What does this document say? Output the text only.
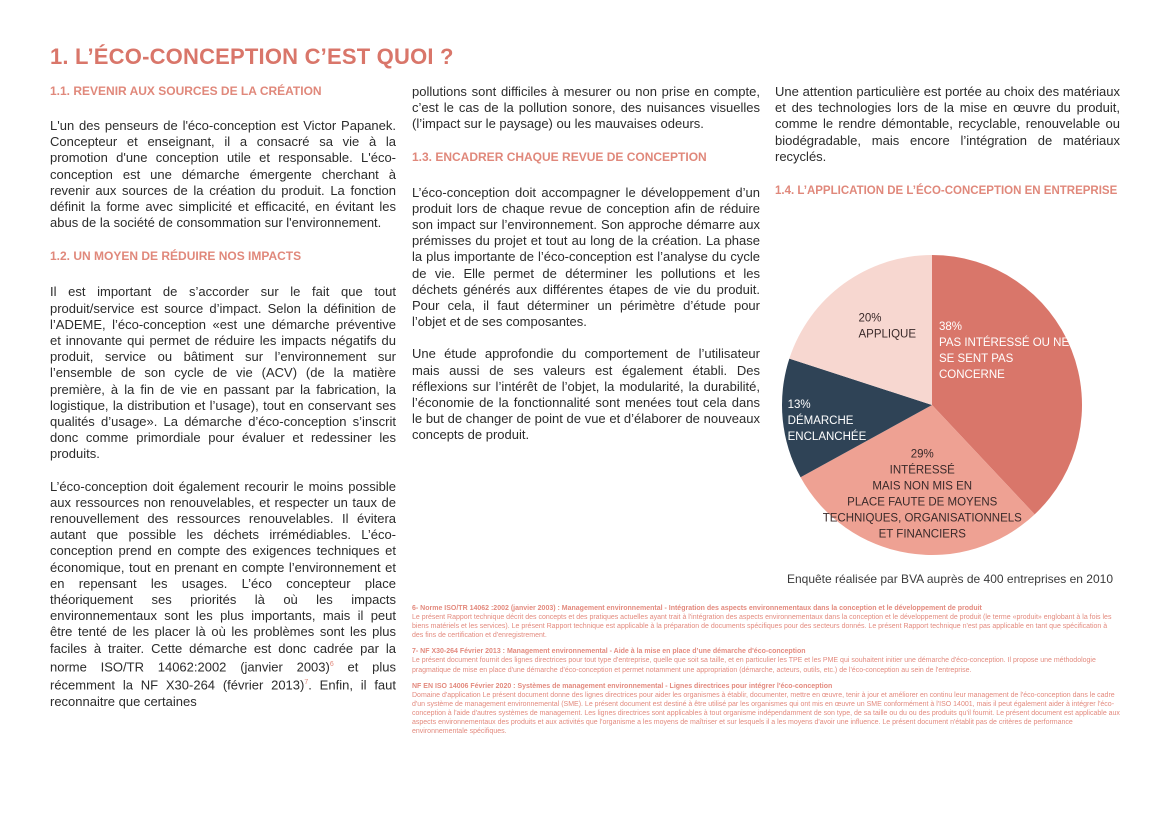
1. L’ÉCO-CONCEPTION C’EST QUOI ?
1.1. REVENIR AUX SOURCES DE LA CRÉATION

L'un des penseurs de l'éco-conception est Victor Papanek. Concepteur et enseignant, il a consacré sa vie à la promotion d'une conception utile et responsable. L'éco-conception est une démarche émergente cherchant à revenir aux sources de la création du produit. La fonction définit la forme avec simplicité et efficacité, en évitant les abus de la société de consommation sur l'environnement.

1.2. UN MOYEN DE RÉDUIRE NOS IMPACTS

Il est important de s’accorder sur le fait que tout produit/service est source d’impact. Selon la définition de l’ADEME, l’éco-conception «est une démarche préventive et innovante qui permet de réduire les impacts négatifs du produit, service ou bâtiment sur l’environnement sur l’ensemble de son cycle de vie (ACV) (de la matière première, à la fin de vie en passant par la fabrication, la logistique, la distribution et l’usage), tout en conservant ses qualités d’usage». La démarche d’éco-conception s’inscrit donc comme primordiale pour évaluer et redessiner les produits.

L’éco-conception doit également recourir le moins possible aux ressources non renouvelables, et respecter un taux de renouvellement des ressources renouvelables. Il évitera autant que possible les déchets irrémédiables. L’éco-conception prend en compte des exigences techniques et économique, tout en prenant en compte l’environnement et en repensant les usages. L’éco concepteur place théoriquement ses priorités là où les impacts environnementaux sont les plus importants, mais il peut être tenté de les placer là où les problèmes sont les plus faciles à traiter. Cette démarche est donc cadrée par la norme ISO/TR 14062:2002 (janvier 2003)$^6$ et plus récemment la NF X30-264 (février 2013)$^7$. Enfin, il faut reconnaitre que certaines

pollutions sont difficiles à mesurer ou non prise en compte, c’est le cas de la pollution sonore, des nuisances visuelles (l’impact sur le paysage) ou les mauvaises odeurs.

1.3. ENCADRER CHAQUE REVUE DE CONCEPTION

L’éco-conception doit accompagner le développement d’un produit lors de chaque revue de conception afin de réduire son impact sur l’environnement. Son approche démarre aux prémisses du projet et tout au long de la création. La phase la plus importante de l’éco-conception est l’analyse du cycle de vie. Elle permet de déterminer les pollutions et les déchets générés aux différentes étapes de vie du produit. Pour cela, il faut déterminer un périmètre d’étude pour l’objet et de ses composantes.

Une étude approfondie du comportement de l’utilisateur mais aussi de ses valeurs est également établi. Des réflexions sur l’intérêt de l’objet, la modularité, la durabilité, l’économie de la fonctionnalité sont menées tout cela dans le but de changer de point de vue et d’élaborer de nouveaux concepts de produit.

Une attention particulière est portée au choix des matériaux et des technologies lors de la mise en œuvre du produit, comme le rendre démontable, recyclable, renouvelable ou biodégradable, mais encore l’intégration de matériaux recyclés.

1.4. L’APPLICATION DE L’ÉCO-CONCEPTION EN ENTREPRISE
38%
PAS INTÉRESSÉ OU NE
SE SENT PAS
CONCERNE
29%
INTÉRESSÉ
MAIS NON MIS EN
PLACE FAUTE DE MOYENS
TECHNIQUES, ORGANISATIONNELS
ET FINANCIERS
13%
DÉMARCHE
ENCLANCHÉE
20%
APPLIQUE
Enquête réalisée par BVA auprès de 400 entreprises en 2010
6- Norme ISO/TR 14062 :2002 (janvier 2003) : Management environnemental - Intégration des aspects environnementaux dans la conception et le développement de produit
Le présent Rapport technique décrit des concepts et des pratiques actuelles ayant trait à l'intégration des aspects environnementaux dans la conception et le développement de produit (le terme «produit» englobant à la fois les biens matériels et les services). Le présent Rapport technique est applicable à la préparation de documents spécifiques pour des secteurs donnés. Le présent Rapport technique n'est pas applicable en tant que spécification à des fins de certification et d'enregistrement.
7- NF X30-264 Février 2013 : Management environnemental - Aide à la mise en place d’une démarche d'éco-conception
Le présent document fournit des lignes directrices pour tout type d'entreprise, quelle que soit sa taille, et en particulier les TPE et les PME qui souhaitent initier une démarche d'éco-conception. Il propose une méthodologie pragmatique de mise en place d'une démarche d'éco-conception et permet notamment une appropriation (démarche, acteurs, outils, etc.) de l'éco-conception au sein de l'entreprise.
NF EN ISO 14006 Février 2020 : Systèmes de management environnemental - Lignes directrices pour intégrer l'éco-conception
Domaine d'application Le présent document donne des lignes directrices pour aider les organismes à établir, documenter, mettre en œuvre, tenir à jour et améliorer en continu leur management de l'éco-conception dans le cadre d'un système de management environnemental (SME). Le présent document est destiné à être utilisé par les organismes qui ont mis en œuvre un SME conformément à l'ISO 14001, mais il peut également aider à intégrer l'éco-conception à l'aide d'autres systèmes de management. Les lignes directrices sont applicables à tout organisme indépendamment de son type, de sa taille ou du ou des produits qu'il fournit. Le présent document est applicable aux aspects environnementaux des produits et aux activités que l'organisme a les moyens de maîtriser et sur lesquels il a les moyens d'avoir une influence. Le présent document n'établit pas de critères de performance environnementale spécifiques.
